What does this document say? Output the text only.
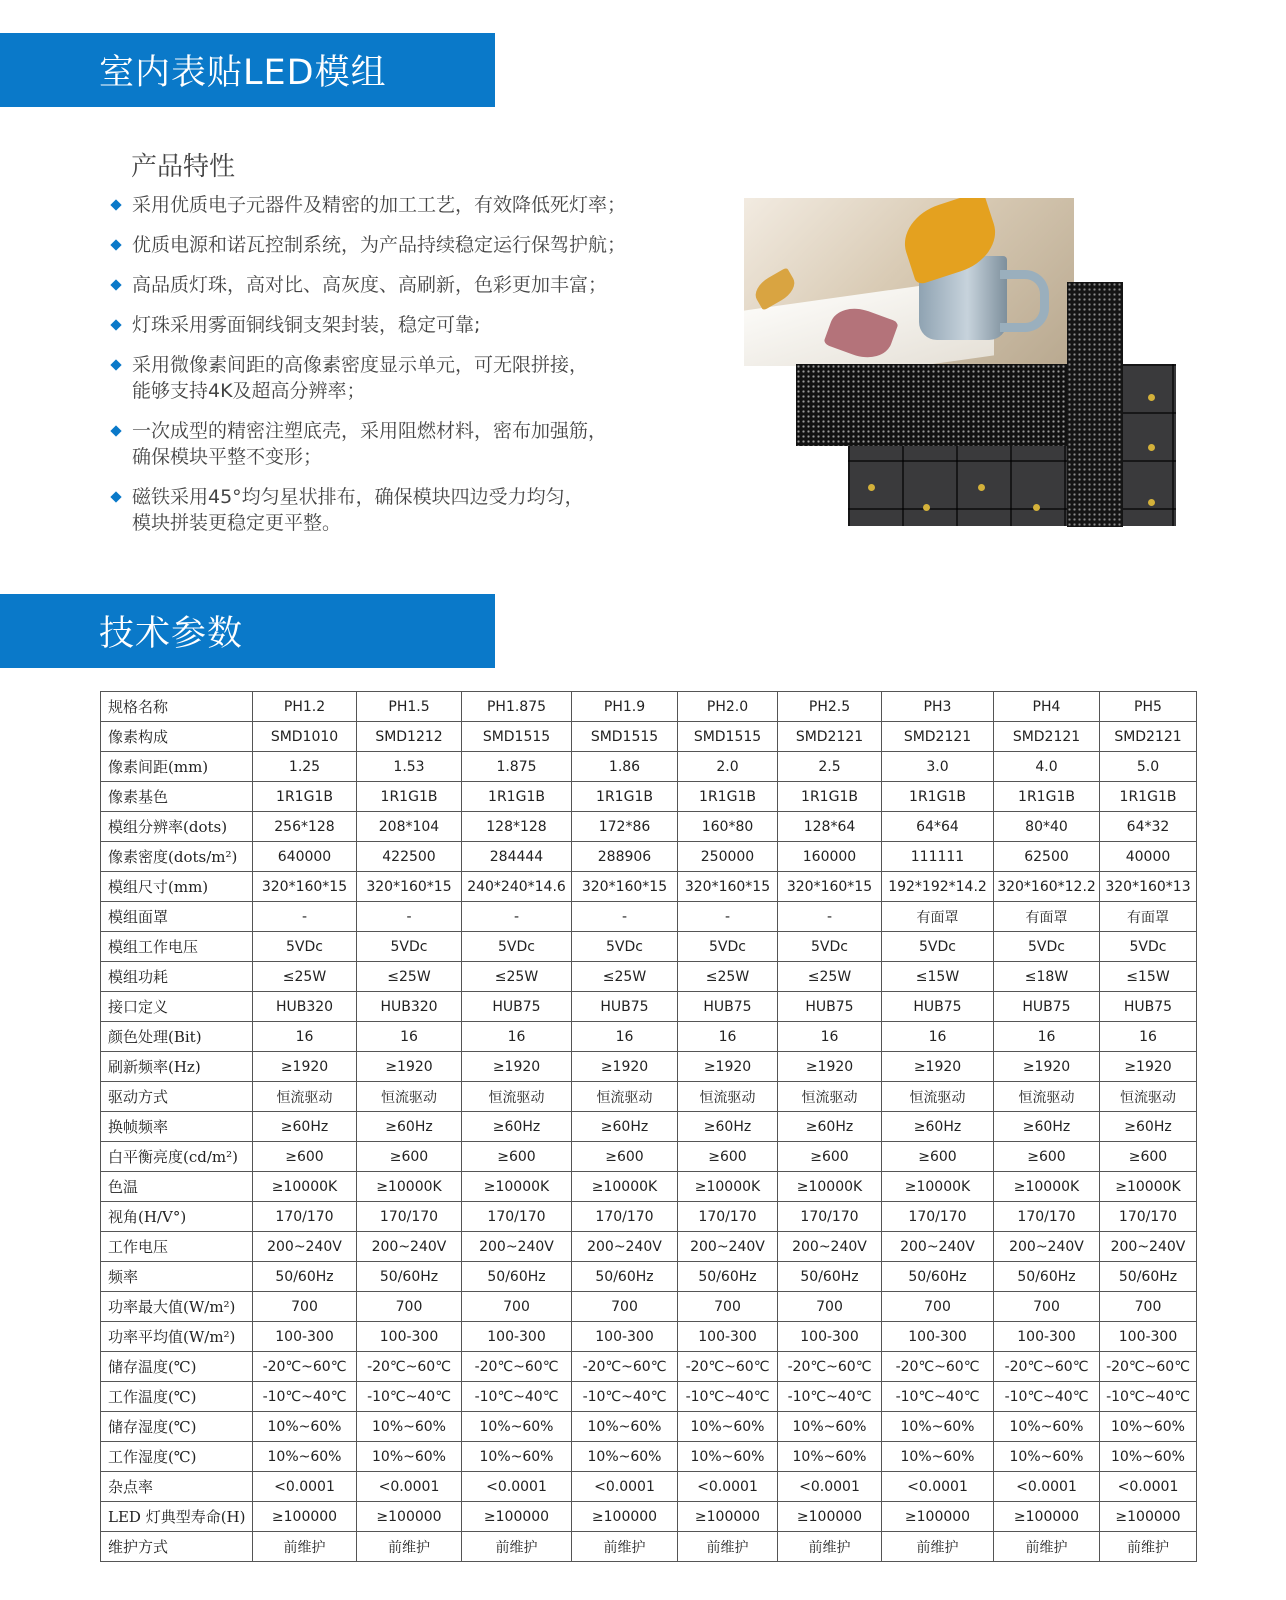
室内表贴LED模组
产品特性
采用优质电子元器件及精密的加工工艺，有效降低死灯率；
优质电源和诺瓦控制系统，为产品持续稳定运行保驾护航；
高品质灯珠，高对比、高灰度、高刷新，色彩更加丰富；
灯珠采用雾面铜线铜支架封装，稳定可靠;
采用微像素间距的高像素密度显示单元，可无限拼接，
能够支持4K及超高分辨率；
一次成型的精密注塑底壳，采用阻燃材料，密布加强筋，
确保模块平整不变形；
磁铁采用45°均匀星状排布，确保模块四边受力均匀，
模块拼装更稳定更平整。
技术参数
规格名称	PH1.2	PH1.5	PH1.875	PH1.9	PH2.0	PH2.5	PH3	PH4	PH5
像素构成	SMD1010	SMD1212	SMD1515	SMD1515	SMD1515	SMD2121	SMD2121	SMD2121	SMD2121
像素间距(mm)	1.25	1.53	1.875	1.86	2.0	2.5	3.0	4.0	5.0
像素基色	1R1G1B	1R1G1B	1R1G1B	1R1G1B	1R1G1B	1R1G1B	1R1G1B	1R1G1B	1R1G1B
模组分辨率(dots)	256*128	208*104	128*128	172*86	160*80	128*64	64*64	80*40	64*32
像素密度(dots/m²)	640000	422500	284444	288906	250000	160000	111111	62500	40000
模组尺寸(mm)	320*160*15	320*160*15	240*240*14.6	320*160*15	320*160*15	320*160*15	192*192*14.2	320*160*12.2	320*160*13
模组面罩	-	-	-	-	-	-	有面罩	有面罩	有面罩
模组工作电压	5VDc	5VDc	5VDc	5VDc	5VDc	5VDc	5VDc	5VDc	5VDc
模组功耗	≤25W	≤25W	≤25W	≤25W	≤25W	≤25W	≤15W	≤18W	≤15W
接口定义	HUB320	HUB320	HUB75	HUB75	HUB75	HUB75	HUB75	HUB75	HUB75
颜色处理(Bit)	16	16	16	16	16	16	16	16	16
刷新频率(Hz)	≥1920	≥1920	≥1920	≥1920	≥1920	≥1920	≥1920	≥1920	≥1920
驱动方式	恒流驱动	恒流驱动	恒流驱动	恒流驱动	恒流驱动	恒流驱动	恒流驱动	恒流驱动	恒流驱动
换帧频率	≥60Hz	≥60Hz	≥60Hz	≥60Hz	≥60Hz	≥60Hz	≥60Hz	≥60Hz	≥60Hz
白平衡亮度(cd/m²)	≥600	≥600	≥600	≥600	≥600	≥600	≥600	≥600	≥600
色温	≥10000K	≥10000K	≥10000K	≥10000K	≥10000K	≥10000K	≥10000K	≥10000K	≥10000K
视角(H/V°)	170/170	170/170	170/170	170/170	170/170	170/170	170/170	170/170	170/170
工作电压	200~240V	200~240V	200~240V	200~240V	200~240V	200~240V	200~240V	200~240V	200~240V
频率	50/60Hz	50/60Hz	50/60Hz	50/60Hz	50/60Hz	50/60Hz	50/60Hz	50/60Hz	50/60Hz
功率最大值(W/m²)	700	700	700	700	700	700	700	700	700
功率平均值(W/m²)	100-300	100-300	100-300	100-300	100-300	100-300	100-300	100-300	100-300
储存温度(℃)	-20℃~60℃	-20℃~60℃	-20℃~60℃	-20℃~60℃	-20℃~60℃	-20℃~60℃	-20℃~60℃	-20℃~60℃	-20℃~60℃
工作温度(℃)	-10℃~40℃	-10℃~40℃	-10℃~40℃	-10℃~40℃	-10℃~40℃	-10℃~40℃	-10℃~40℃	-10℃~40℃	-10℃~40℃
储存湿度(℃)	10%~60%	10%~60%	10%~60%	10%~60%	10%~60%	10%~60%	10%~60%	10%~60%	10%~60%
工作湿度(℃)	10%~60%	10%~60%	10%~60%	10%~60%	10%~60%	10%~60%	10%~60%	10%~60%	10%~60%
杂点率	<0.0001	<0.0001	<0.0001	<0.0001	<0.0001	<0.0001	<0.0001	<0.0001	<0.0001
LED 灯典型寿命(H)	≥100000	≥100000	≥100000	≥100000	≥100000	≥100000	≥100000	≥100000	≥100000
维护方式	前维护	前维护	前维护	前维护	前维护	前维护	前维护	前维护	前维护
